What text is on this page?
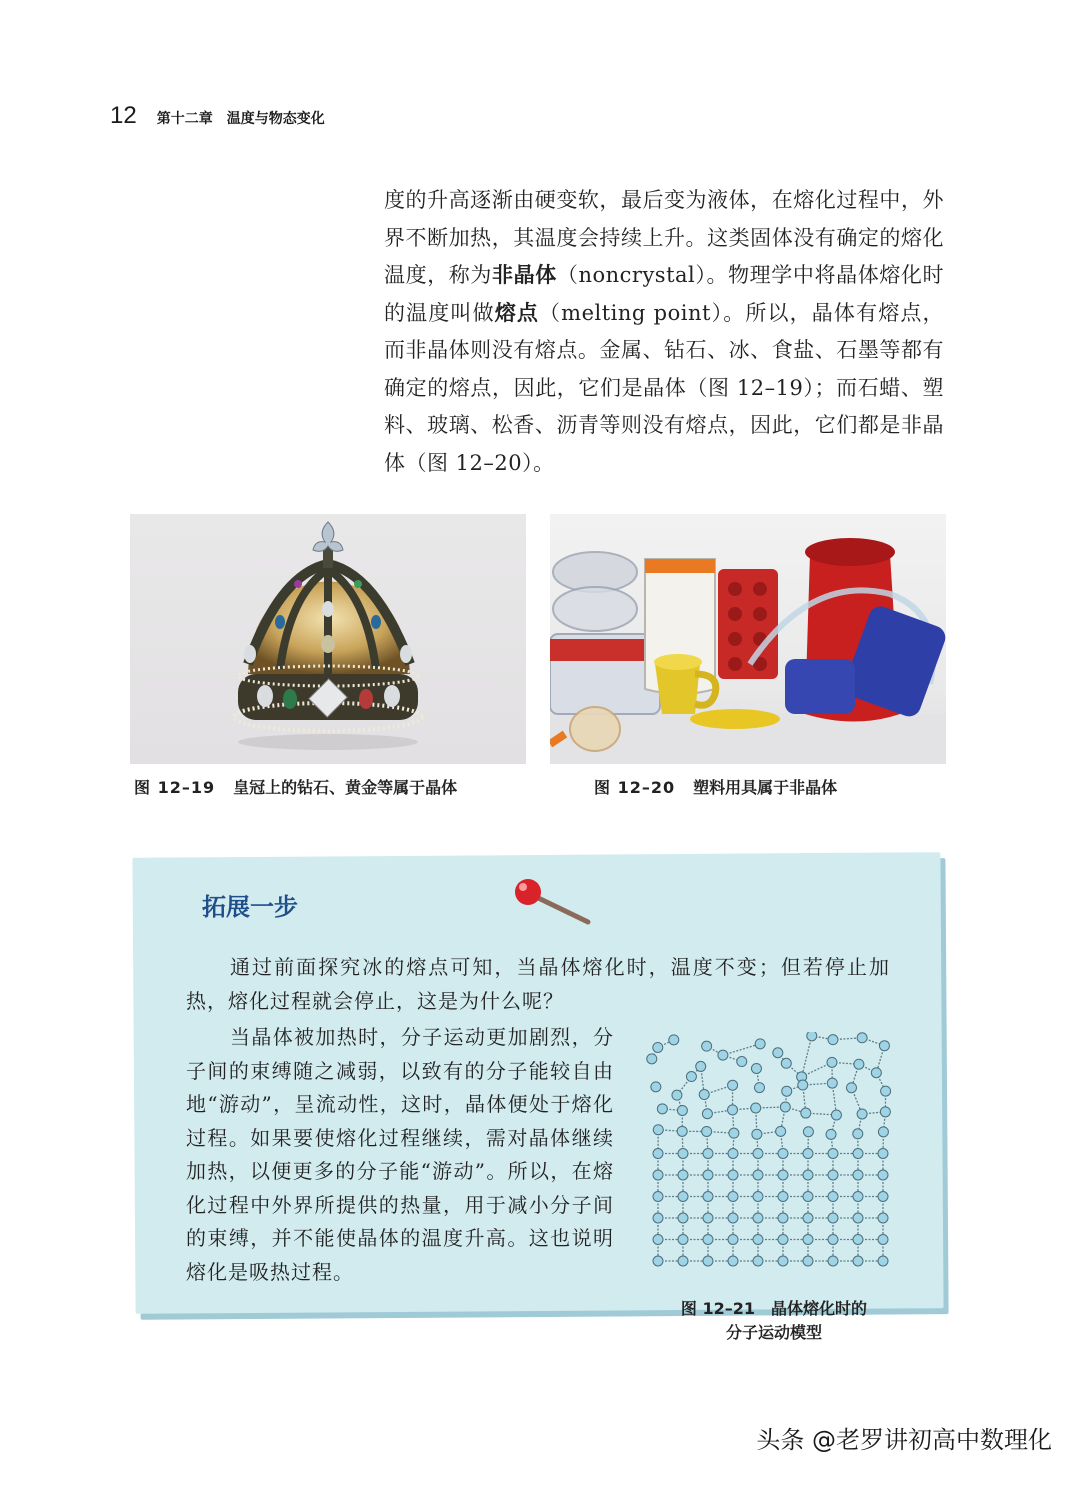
12 第十二章　温度与物态变化
度的升高逐渐由硬变软，最后变为液体，在熔化过程中，外界不断加热，其温度会持续上升。这类固体没有确定的熔化温度，称为非晶体（noncrystal）。物理学中将晶体熔化时的温度叫做熔点（melting point）。所以，晶体有熔点，而非晶体则没有熔点。金属、钻石、冰、食盐、石墨等都有确定的熔点，因此，它们是晶体（图 12–19）；而石蜡、塑料、玻璃、松香、沥青等则没有熔点，因此，它们都是非晶体（图 12–20）。
图 12–19 皇冠上的钻石、黄金等属于晶体	图 12–20 塑料用具属于非晶体
拓展一步
通过前面探究冰的熔点可知，当晶体熔化时，温度不变；但若停止加热，熔化过程就会停止，这是为什么呢？
当晶体被加热时，分子运动更加剧烈，分子间的束缚随之减弱，以致有的分子能较自由地“游动”，呈流动性，这时，晶体便处于熔化过程。如果要使熔化过程继续，需对晶体继续加热，以便更多的分子能“游动”。所以，在熔化过程中外界所提供的热量，用于减小分子间的束缚，并不能使晶体的温度升高。这也说明熔化是吸热过程。
图 12–21　 晶体熔化时的
分子运动模型
头条 @老罗讲初高中数理化
